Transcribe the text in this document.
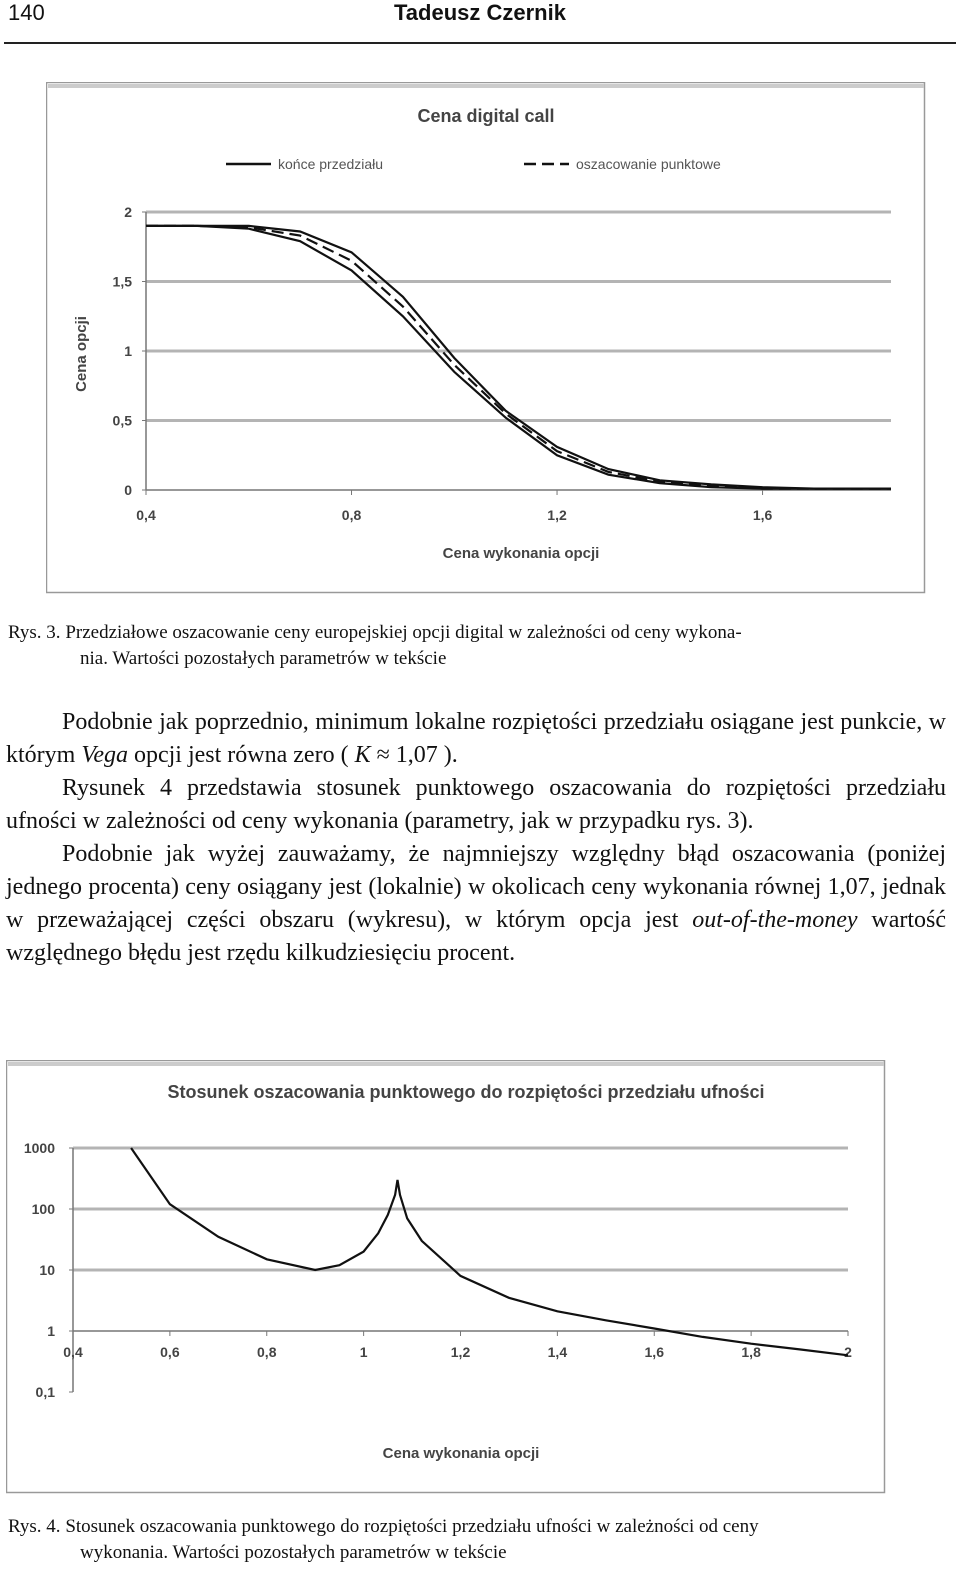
140	Tadeusz Czernik
Cena digital call
końce przedziału	oszacowanie punktowe
0
0,5
1
1,5
2
0,4	0,8	1,2	1,6
Cena wykonania opcji
Cena opcji
Rys. 3. Przedziałowe oszacowanie ceny europejskiej opcji digital w zależności od ceny wykona-
nia. Wartości pozostałych parametrów w tekście

Podobnie jak poprzednio, minimum lokalne rozpiętości przedziału osiągane jest punkcie, w którym Vega opcji jest równa zero ( K ≈ 1,07 ).

Rysunek 4 przedstawia stosunek punktowego oszacowania do rozpiętości przedziału ufności w zależności od ceny wykonania (parametry, jak w przypadku rys. 3).

Podobnie jak wyżej zauważamy, że najmniejszy względny błąd oszacowania (poniżej jednego procenta) ceny osiągany jest (lokalnie) w okolicach ceny wykonania równej 1,07, jednak w przeważającej części obszaru (wykresu), w którym opcja jest out-of-the-money wartość względnego błędu jest rzędu kilkudziesięciu procent.

Stosunek oszacowania punktowego do rozpiętości przedziału ufności
0,1
1
10
100
1000
0,4	0,6	0,8	1	1,2	1,4	1,6	1,8	2
Cena wykonania opcji
Rys. 4. Stosunek oszacowania punktowego do rozpiętości przedziału ufności w zależności od ceny
wykonania. Wartości pozostałych parametrów w tekście
